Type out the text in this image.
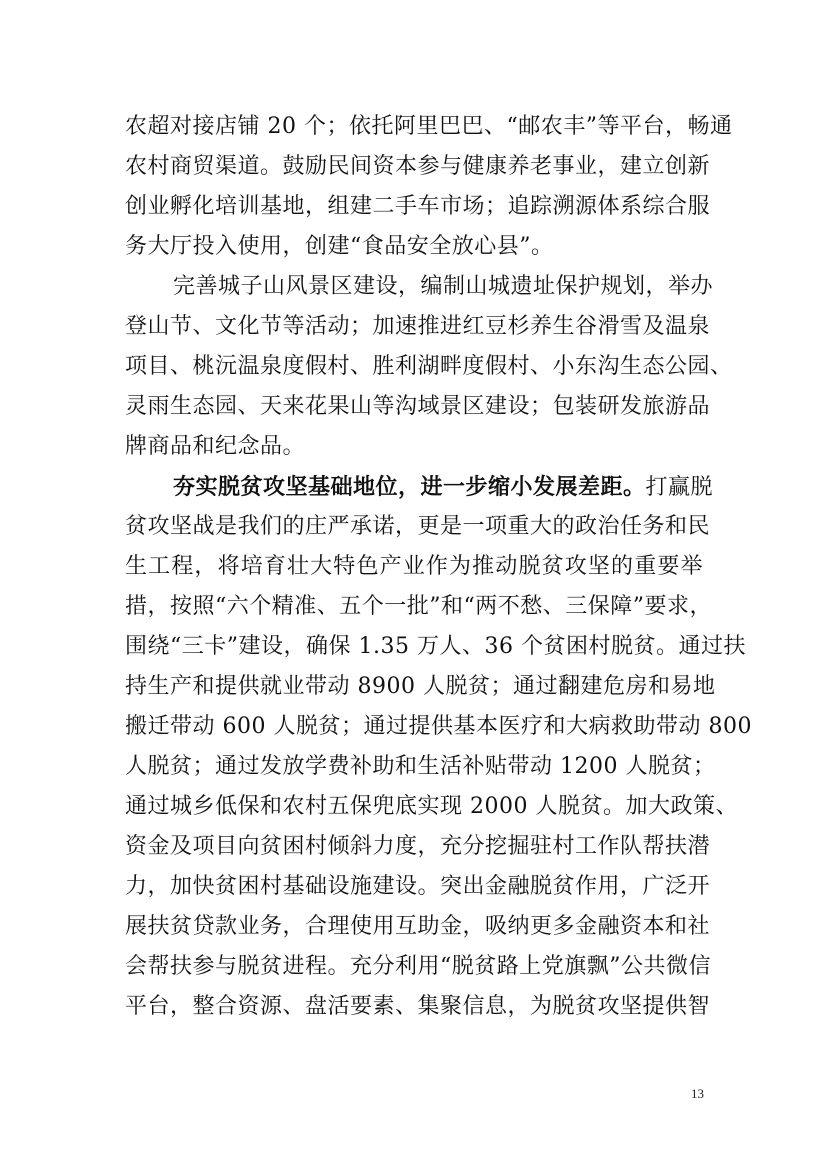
农超对接店铺 20 个；依托阿里巴巴、“邮农丰”等平台，畅通
农村商贸渠道。鼓励民间资本参与健康养老事业，建立创新
创业孵化培训基地，组建二手车市场；追踪溯源体系综合服
务大厅投入使用，创建“食品安全放心县”。
完善城子山风景区建设，编制山城遗址保护规划，举办
登山节、文化节等活动；加速推进红豆杉养生谷滑雪及温泉
项目、桃沅温泉度假村、胜利湖畔度假村、小东沟生态公园、
灵雨生态园、天来花果山等沟域景区建设；包装研发旅游品
牌商品和纪念品。
夯实脱贫攻坚基础地位，进一步缩小发展差距。打赢脱
贫攻坚战是我们的庄严承诺，更是一项重大的政治任务和民
生工程，将培育壮大特色产业作为推动脱贫攻坚的重要举
措，按照“六个精准、五个一批”和“两不愁、三保障”要求，
围绕“三卡”建设，确保 1.35 万人、36 个贫困村脱贫。通过扶
持生产和提供就业带动 8900 人脱贫；通过翻建危房和易地
搬迁带动 600 人脱贫；通过提供基本医疗和大病救助带动 800
人脱贫；通过发放学费补助和生活补贴带动 1200 人脱贫；
通过城乡低保和农村五保兜底实现 2000 人脱贫。加大政策、
资金及项目向贫困村倾斜力度，充分挖掘驻村工作队帮扶潜
力，加快贫困村基础设施建设。突出金融脱贫作用，广泛开
展扶贫贷款业务，合理使用互助金，吸纳更多金融资本和社
会帮扶参与脱贫进程。充分利用“脱贫路上党旗飘”公共微信
平台，整合资源、盘活要素、集聚信息，为脱贫攻坚提供智
13
